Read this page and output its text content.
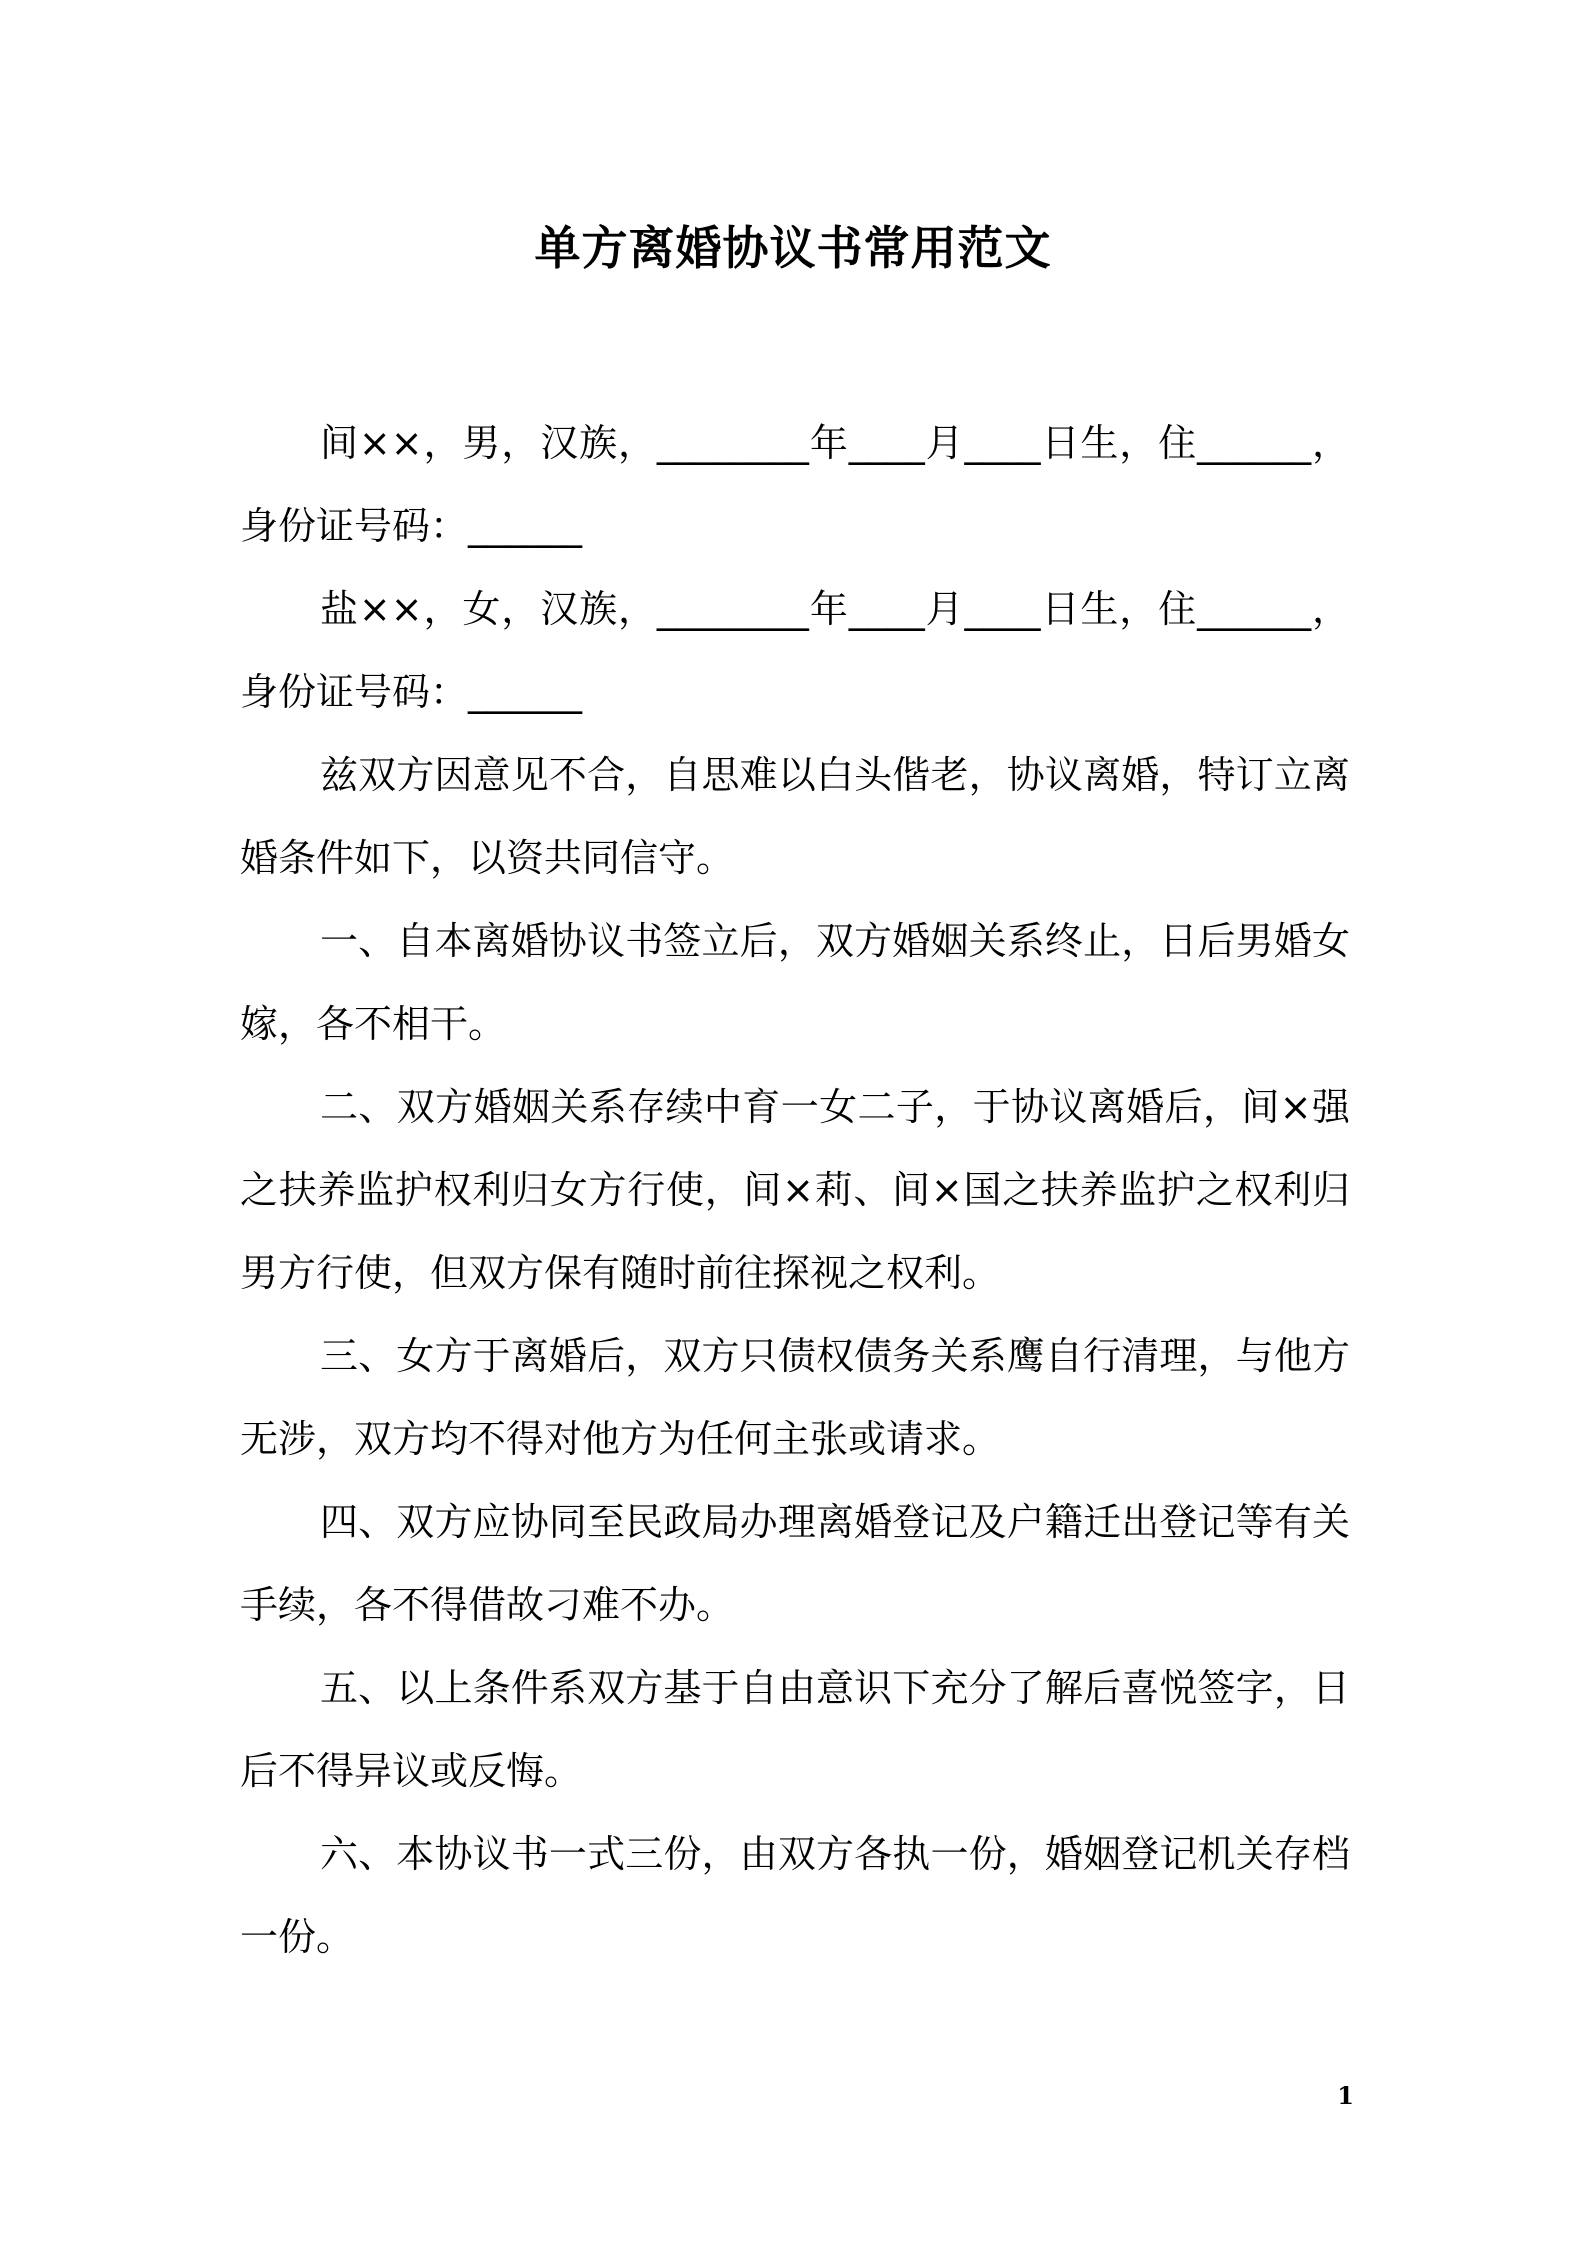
单方离婚协议书常用范文

间××，男，汉族，________年____月____日生，住______，身份证号码：______

盐××，女，汉族，________年____月____日生，住______，身份证号码：______

兹双方因意见不合，自思难以白头偕老，协议离婚，特订立离婚条件如下，以资共同信守。

一、自本离婚协议书签立后，双方婚姻关系终止，日后男婚女嫁，各不相干。

二、双方婚姻关系存续中育一女二子，于协议离婚后，间×强之扶养监护权利归女方行使，间×莉、间×国之扶养监护之权利归男方行使，但双方保有随时前往探视之权利。

三、女方于离婚后，双方只债权债务关系鹰自行清理，与他方无涉，双方均不得对他方为任何主张或请求。

四、双方应协同至民政局办理离婚登记及户籍迁出登记等有关手续，各不得借故刁难不办。

五、以上条件系双方基于自由意识下充分了解后喜悦签字，日后不得异议或反悔。

六、本协议书一式三份，由双方各执一份，婚姻登记机关存档一份。

1
